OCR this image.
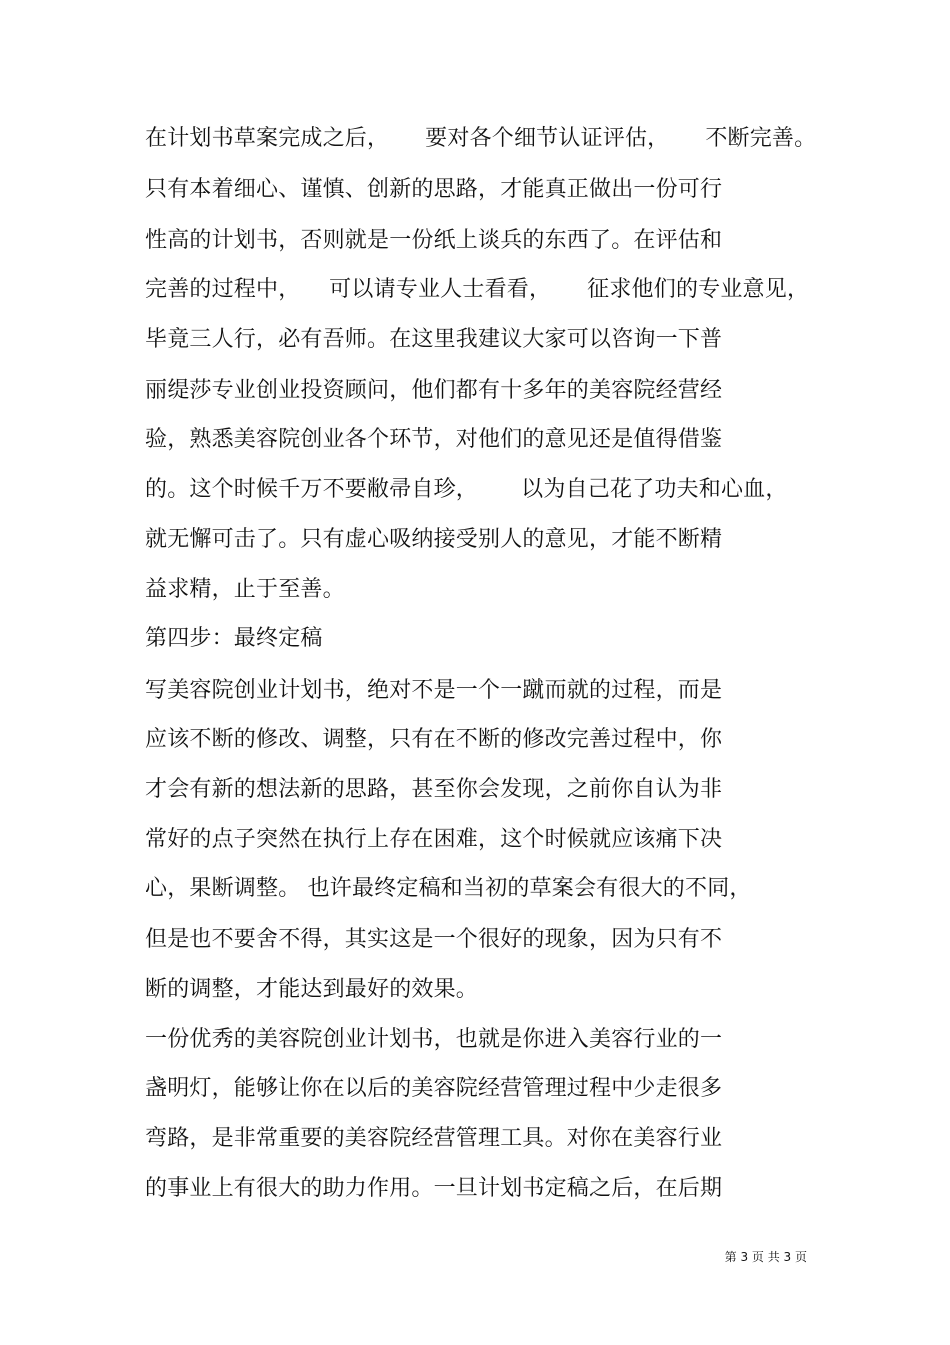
在计划书草案完成之后，     要对各个细节认证评估，     不断完善。
只有本着细心、谨慎、创新的思路，才能真正做出一份可行
性高的计划书，否则就是一份纸上谈兵的东西了。在评估和
完善的过程中，    可以请专业人士看看，     征求他们的专业意见，
毕竟三人行，必有吾师。在这里我建议大家可以咨询一下普
丽缇莎专业创业投资顾问，他们都有十多年的美容院经营经
验，熟悉美容院创业各个环节，对他们的意见还是值得借鉴
的。这个时候千万不要敝帚自珍，      以为自己花了功夫和心血，
就无懈可击了。只有虚心吸纳接受别人的意见，才能不断精
益求精，止于至善。
第四步：最终定稿
写美容院创业计划书，绝对不是一个一蹴而就的过程，而是
应该不断的修改、调整，只有在不断的修改完善过程中，你
才会有新的想法新的思路，甚至你会发现，之前你自认为非
常好的点子突然在执行上存在困难，这个时候就应该痛下决
心，果断调整。 也许最终定稿和当初的草案会有很大的不同，
但是也不要舍不得，其实这是一个很好的现象，因为只有不
断的调整，才能达到最好的效果。
一份优秀的美容院创业计划书，也就是你进入美容行业的一
盏明灯，能够让你在以后的美容院经营管理过程中少走很多
弯路，是非常重要的美容院经营管理工具。对你在美容行业
的事业上有很大的助力作用。一旦计划书定稿之后，在后期
第 3 页 共 3 页
